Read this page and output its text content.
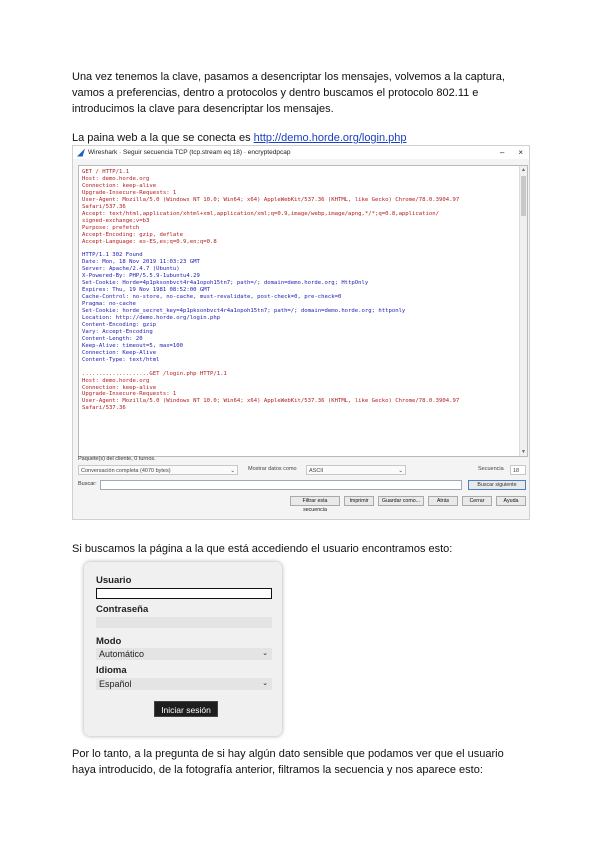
Una vez tenemos la clave, pasamos a desencriptar los mensajes, volvemos a la captura,
vamos a preferencias, dentro a protocolos y dentro buscamos el protocolo 802.11 e
introducimos la clave para desencriptar los mensajes.

La paina web a la que se conecta es http://demo.horde.org/login.php

Wireshark · Seguir secuencia TCP (tcp.stream eq 18) · encryptedpcap	– ×
GET / HTTP/1.1
Host: demo.horde.org
Connection: keep-alive
Upgrade-Insecure-Requests: 1
User-Agent: Mozilla/5.0 (Windows NT 10.0; Win64; x64) AppleWebKit/537.36 (KHTML, like Gecko) Chrome/78.0.3904.97
Safari/537.36
Accept: text/html,application/xhtml+xml,application/xml;q=0.9,image/webp,image/apng,*/*;q=0.8,application/
signed-exchange;v=b3
Purpose: prefetch
Accept-Encoding: gzip, deflate
Accept-Language: es-ES,es;q=0.9,en;q=0.8
HTTP/1.1 302 Found
Date: Mon, 18 Nov 2019 11:03:23 GMT
Server: Apache/2.4.7 (Ubuntu)
X-Powered-By: PHP/5.5.9-1ubuntu4.29
Set-Cookie: Horde=4p1pksonbvct4r4a1opoh15tn7; path=/; domain=demo.horde.org; HttpOnly
Expires: Thu, 19 Nov 1981 08:52:00 GMT
Cache-Control: no-store, no-cache, must-revalidate, post-check=0, pre-check=0
Pragma: no-cache
Set-Cookie: horde_secret_key=4p1pksonbvct4r4a1opoh15tn7; path=/; domain=demo.horde.org; httponly
Location: http://demo.horde.org/login.php
Content-Encoding: gzip
Vary: Accept-Encoding
Content-Length: 20
Keep-Alive: timeout=5, max=100
Connection: Keep-Alive
Content-Type: text/html
....................GET /login.php HTTP/1.1
Host: demo.horde.org
Connection: keep-alive
Upgrade-Insecure-Requests: 1
User-Agent: Mozilla/5.0 (Windows NT 10.0; Win64; x64) AppleWebKit/537.36 (KHTML, like Gecko) Chrome/78.0.3904.97
Safari/537.36
▲
▼
Paquete(s) del cliente, 0 turnos.
Conversación completa (4070 bytes)	⌄ Mostrar datos como	ASCII	⌄	Secuencia	18
Buscar:	Buscar siguiente
Filtrar esta secuencia
Imprimir	Guardar como...	Atrás	Cerrar	Ayuda

Si buscamos la página a la que está accediendo el usuario encontramos esto:

Usuario
Contraseña
Modo
Automático	⌄
Idioma
Español	⌄
Iniciar sesión

Por lo tanto, a la pregunta de si hay algún dato sensible que podamos ver que el usuario
haya introducido, de la fotografía anterior, filtramos la secuencia y nos aparece esto:
